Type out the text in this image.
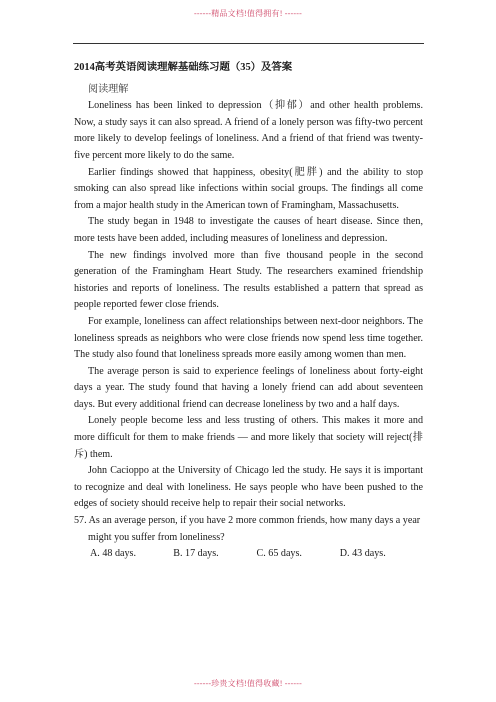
------精品文档!值得拥有! ------

2014高考英语阅读理解基础练习题（35）及答案

阅读理解

Loneliness has been linked to depression（抑郁）and other health problems. Now, a study says it can also spread. A friend of a lonely person was fifty-two percent more likely to develop feelings of loneliness. And a friend of that friend was twenty-five percent more likely to do the same.

Earlier findings showed that happiness, obesity(肥胖) and the ability to stop smoking can also spread like infections within social groups. The findings all come from a major health study in the American town of Framingham, Massachusetts.

The study began in 1948 to investigate the causes of heart disease. Since then, more tests have been added, including measures of loneliness and depression.

The new findings involved more than five thousand people in the second generation of the Framingham Heart Study. The researchers examined friendship histories and reports of loneliness. The results established a pattern that spread as people reported fewer close friends.

For example, loneliness can affect relationships between next-door neighbors. The loneliness spreads as neighbors who were close friends now spend less time together. The study also found that loneliness spreads more easily among women than men.

The average person is said to experience feelings of loneliness about forty-eight days a year. The study found that having a lonely friend can add about seventeen days. But every additional friend can decrease loneliness by two and a half days.

Lonely people become less and less trusting of others. This makes it more and more difficult for them to make friends — and more likely that society will reject(排斥) them.

John Cacioppo at the University of Chicago led the study. He says it is important to recognize and deal with loneliness. He says people who have been pushed to the edges of society should receive help to repair their social networks.

57. As an average person, if you have 2 more common friends, how many days a year might you suffer from loneliness?

A. 48 days.	B. 17 days.	C. 65 days.	D. 43 days.
------珍贵文档!值得收藏! ------
